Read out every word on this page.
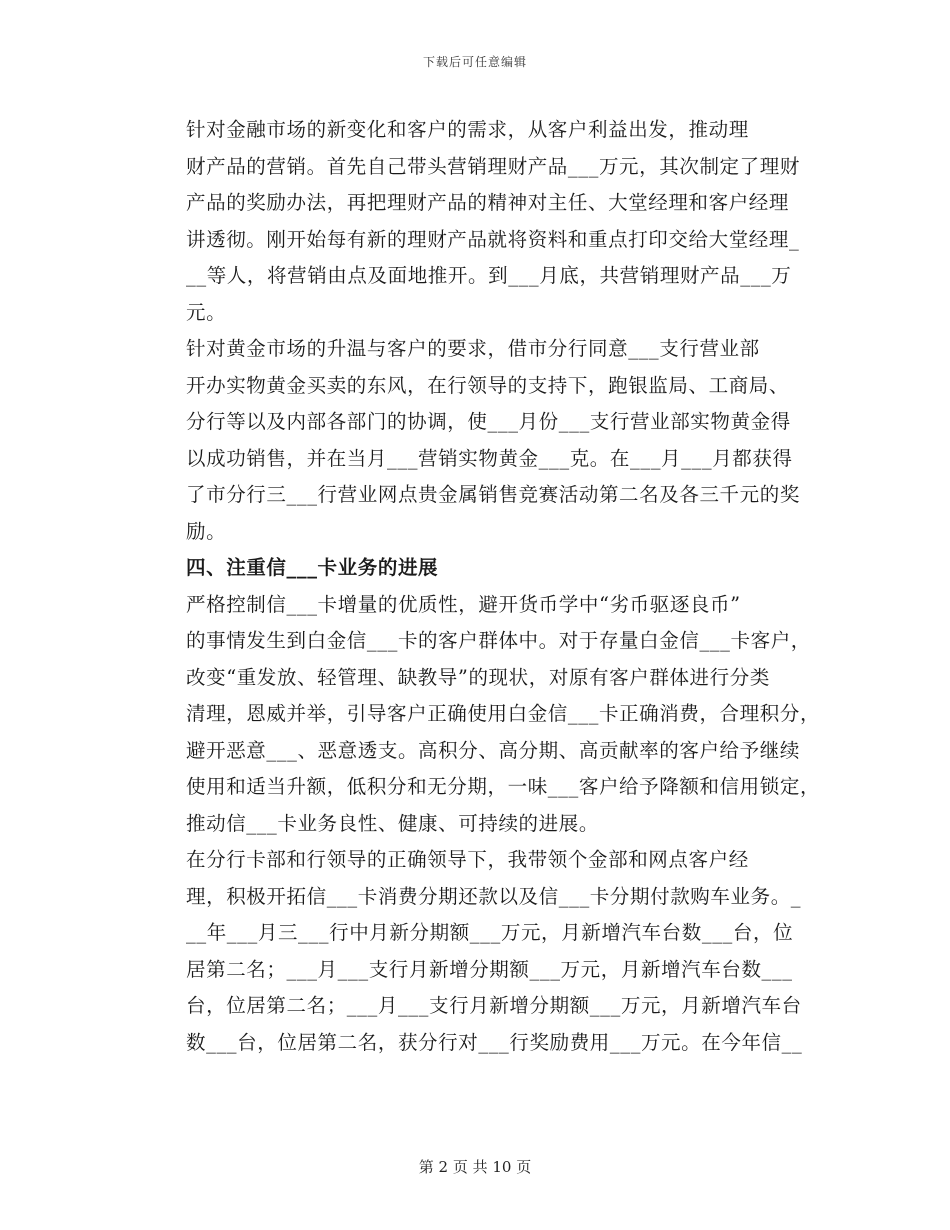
下载后可任意编辑

针对金融市场的新变化和客户的需求，从客户利益出发，推动理
财产品的营销。首先自己带头营销理财产品___万元，其次制定了理财
产品的奖励办法，再把理财产品的精神对主任、大堂经理和客户经理
讲透彻。刚开始每有新的理财产品就将资料和重点打印交给大堂经理_
__等人，将营销由点及面地推开。到___月底，共营销理财产品___万
元。

针对黄金市场的升温与客户的要求，借市分行同意___支行营业部
开办实物黄金买卖的东风，在行领导的支持下，跑银监局、工商局、
分行等以及内部各部门的协调，使___月份___支行营业部实物黄金得
以成功销售，并在当月___营销实物黄金___克。在___月___月都获得
了市分行三___行营业网点贵金属销售竞赛活动第二名及各三千元的奖
励。

四、注重信___卡业务的进展

严格控制信___卡增量的优质性，避开货币学中“劣币驱逐良币”
的事情发生到白金信___卡的客户群体中。对于存量白金信___卡客户，
改变“重发放、轻管理、缺教导”的现状，对原有客户群体进行分类
清理，恩威并举，引导客户正确使用白金信___卡正确消费，合理积分，
避开恶意___、恶意透支。高积分、高分期、高贡献率的客户给予继续
使用和适当升额，低积分和无分期，一味___客户给予降额和信用锁定，
推动信___卡业务良性、健康、可持续的进展。

在分行卡部和行领导的正确领导下，我带领个金部和网点客户经
理，积极开拓信___卡消费分期还款以及信___卡分期付款购车业务。_
__年___月三___行中月新分期额___万元，月新增汽车台数___台，位
居第二名；___月___支行月新增分期额___万元，月新增汽车台数___
台，位居第二名；___月___支行月新增分期额___万元，月新增汽车台
数___台，位居第二名，获分行对___行奖励费用___万元。在今年信__

第 2 页 共 10 页
